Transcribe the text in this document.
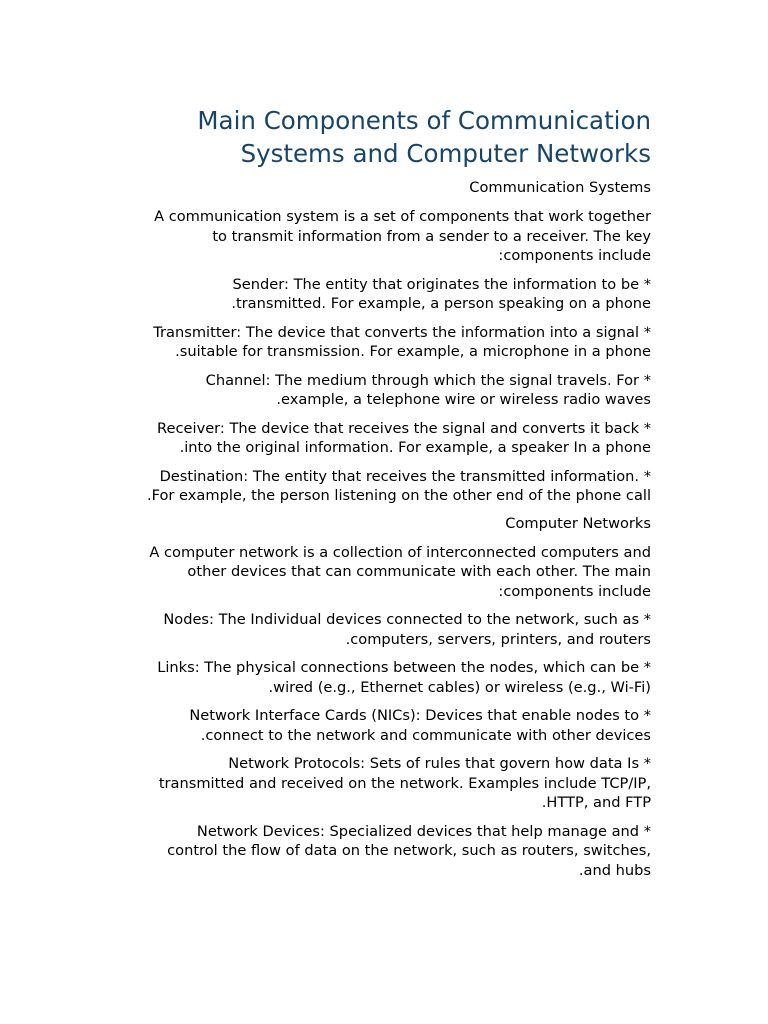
Main Components of Communication
Systems and Computer Networks

Communication Systems

A communication system is a set of components that work together
to transmit information from a sender to a receiver. The key
:components include

Sender: The entity that originates the information to be *
.transmitted. For example, a person speaking on a phone

Transmitter: The device that converts the information into a signal *
.suitable for transmission. For example, a microphone in a phone

Channel: The medium through which the signal travels. For *
.example, a telephone wire or wireless radio waves

Receiver: The device that receives the signal and converts it back *
.into the original information. For example, a speaker In a phone

Destination: The entity that receives the transmitted information. *
.For example, the person listening on the other end of the phone call

Computer Networks

A computer network is a collection of interconnected computers and
other devices that can communicate with each other. The main
:components include

Nodes: The Individual devices connected to the network, such as *
.computers, servers, printers, and routers

Links: The physical connections between the nodes, which can be *
.wired (e.g., Ethernet cables) or wireless (e.g., Wi-Fi)

Network Interface Cards (NICs): Devices that enable nodes to *
.connect to the network and communicate with other devices

Network Protocols: Sets of rules that govern how data Is *
transmitted and received on the network. Examples include TCP/IP,
.HTTP, and FTP

Network Devices: Specialized devices that help manage and *
control the flow of data on the network, such as routers, switches,
.and hubs
